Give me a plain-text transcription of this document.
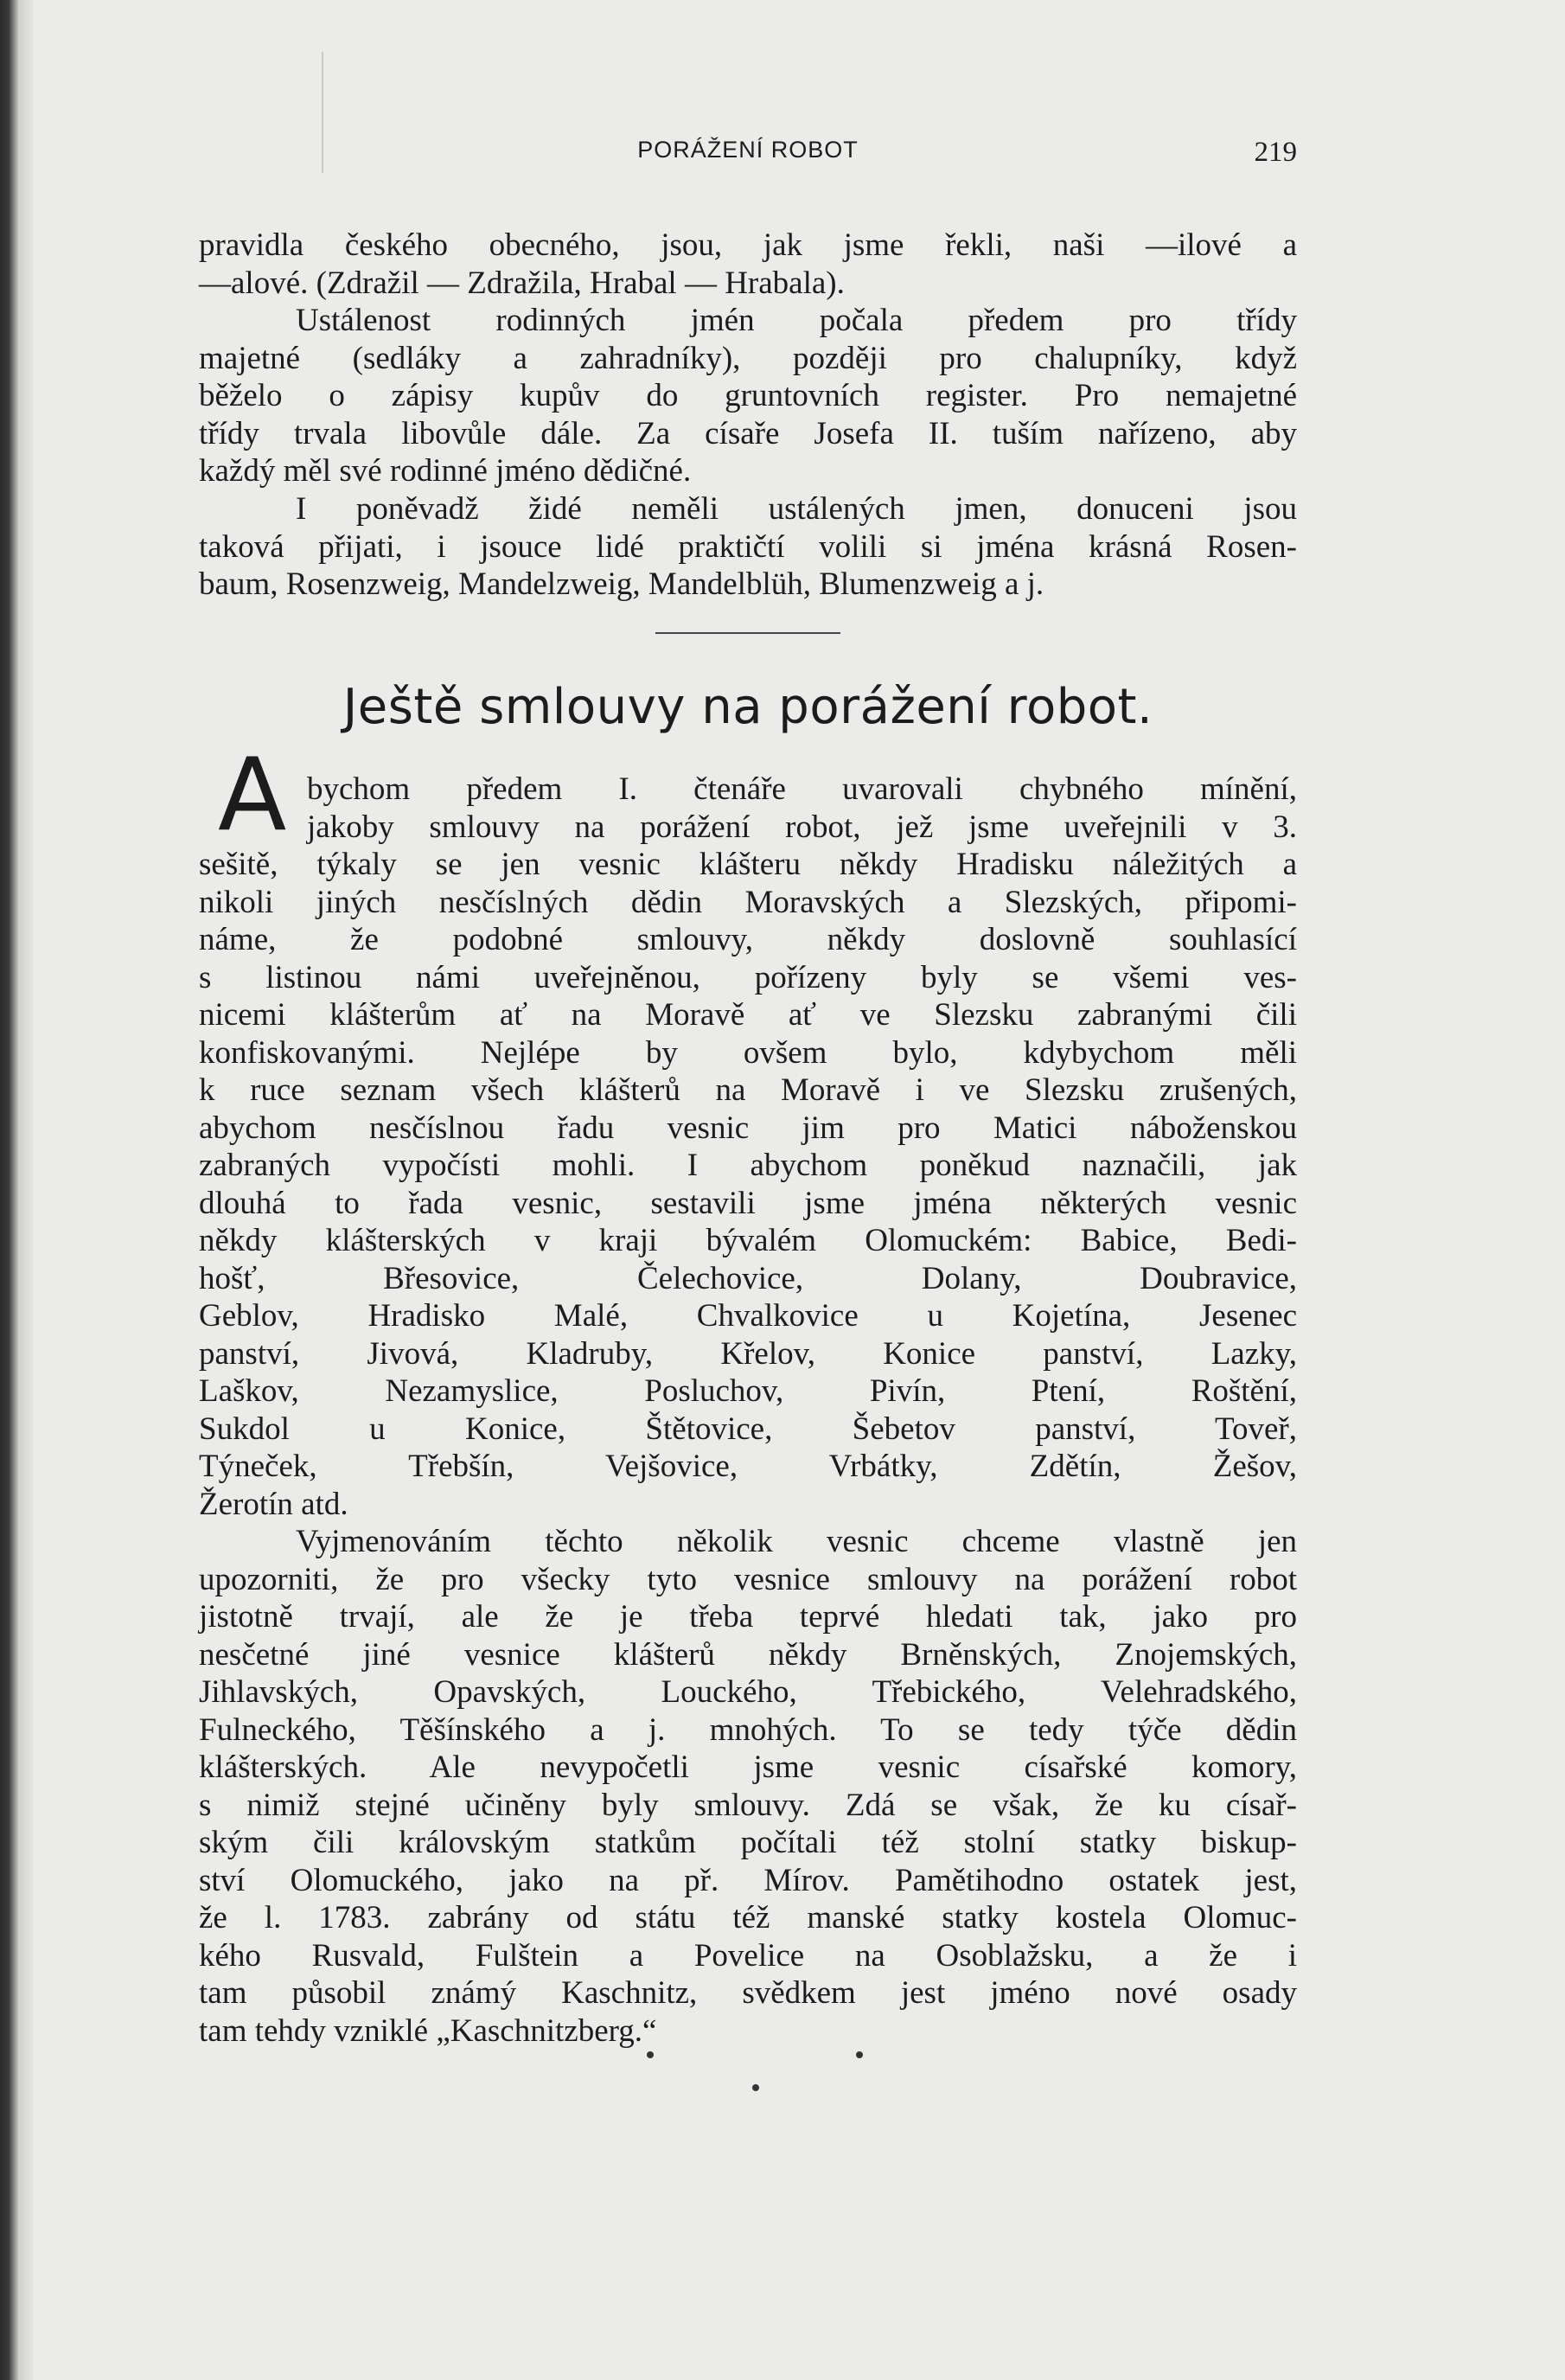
PORÁŽENÍ ROBOT	219
pravidla českého obecného, jsou, jak jsme řekli, naši —ilové a
—alové. (Zdražil — Zdražila, Hrabal — Hrabala).
Ustálenost rodinných jmén počala předem pro třídy
majetné (sedláky a zahradníky), později pro chalupníky, když
běželo o zápisy kupův do gruntovních register. Pro nemajetné
třídy trvala libovůle dále. Za císaře Josefa II. tuším nařízeno, aby
každý měl své rodinné jméno dědičné.
I poněvadž židé neměli ustálených jmen, donuceni jsou
taková přijati, i jsouce lidé praktičtí volili si jména krásná Rosen-
baum, Rosenzweig, Mandelzweig, Mandelblüh, Blumenzweig a j.
Ještě smlouvy na porážení robot.
A bychom předem I. čtenáře uvarovali chybného mínění,
jakoby smlouvy na porážení robot, jež jsme uveřejnili v 3.
sešitě, týkaly se jen vesnic klášteru někdy Hradisku náležitých a
nikoli jiných nesčíslných dědin Moravských a Slezských, připomi-
náme, že podobné smlouvy, někdy doslovně souhlasící
s listinou námi uveřejněnou, pořízeny byly se všemi ves-
nicemi klášterům ať na Moravě ať ve Slezsku zabranými čili
konfiskovanými. Nejlépe by ovšem bylo, kdybychom měli
k ruce seznam všech klášterů na Moravě i ve Slezsku zrušených,
abychom nesčíslnou řadu vesnic jim pro Matici náboženskou
zabraných vypočísti mohli. I abychom poněkud naznačili, jak
dlouhá to řada vesnic, sestavili jsme jména některých vesnic
někdy klášterských v kraji bývalém Olomuckém: Babice, Bedi-
hošť, Břesovice, Čelechovice, Dolany, Doubravice,
Geblov, Hradisko Malé, Chvalkovice u Kojetína, Jesenec
panství, Jivová, Kladruby, Křelov, Konice panství, Lazky,
Laškov, Nezamyslice, Posluchov, Pivín, Ptení, Roštění,
Sukdol u Konice, Štětovice, Šebetov panství, Toveř,
Týneček, Třebšín, Vejšovice, Vrbátky, Zdětín, Žešov,
Žerotín atd.
Vyjmenováním těchto několik vesnic chceme vlastně jen
upozorniti, že pro všecky tyto vesnice smlouvy na porážení robot
jistotně trvají, ale že je třeba teprvé hledati tak, jako pro
nesčetné jiné vesnice klášterů někdy Brněnských, Znojemských,
Jihlavských, Opavských, Louckého, Třebického, Velehradského,
Fulneckého, Těšínského a j. mnohých. To se tedy týče dědin
klášterských. Ale nevypočetli jsme vesnic císařské komory,
s nimiž stejné učiněny byly smlouvy. Zdá se však, že ku císař-
ským čili královským statkům počítali též stolní statky biskup-
ství Olomuckého, jako na př. Mírov. Pamětihodno ostatek jest,
že l. 1783. zabrány od státu též manské statky kostela Olomuc-
kého Rusvald, Fulštein a Povelice na Osoblažsku, a že i
tam působil známý Kaschnitz, svědkem jest jméno nové osady
tam tehdy vzniklé „Kaschnitzberg.“
